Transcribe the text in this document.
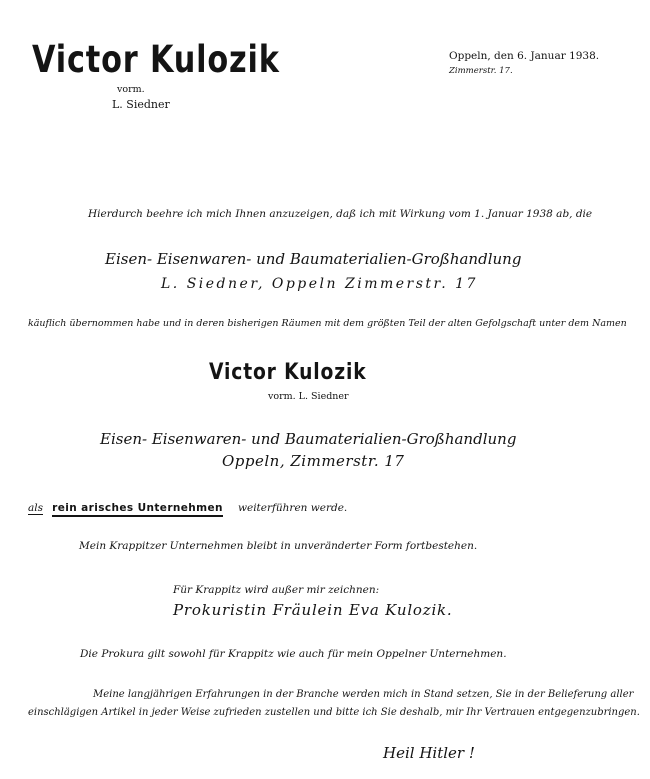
Victor Kulozik
vorm.
L. Siedner
Oppeln, den 6. Januar 1938.
Zimmerstr. 17.
Hierdurch beehre ich mich Ihnen anzuzeigen, daß ich mit Wirkung vom 1. Januar 1938 ab, die
Eisen- Eisenwaren- und Baumaterialien-Großhandlung
L. Siedner, Oppeln Zimmerstr. 17
käuflich übernommen habe und in deren bisherigen Räumen mit dem größten Teil der alten Gefolgschaft unter dem Namen
Victor Kulozik
vorm. L. Siedner
Eisen- Eisenwaren- und Baumaterialien-Großhandlung
Oppeln, Zimmerstr. 17
als rein arisches Unternehmen weiterführen werde.
Mein Krappitzer Unternehmen bleibt in unveränderter Form fortbestehen.
Für Krappitz wird außer mir zeichnen:
Prokuristin Fräulein Eva Kulozik.
Die Prokura gilt sowohl für Krappitz wie auch für mein Oppelner Unternehmen.
Meine langjährigen Erfahrungen in der Branche werden mich in Stand setzen, Sie in der Belieferung aller
einschlägigen Artikel in jeder Weise zufrieden zustellen und bitte ich Sie deshalb, mir Ihr Vertrauen entgegenzubringen.
Heil Hitler !
